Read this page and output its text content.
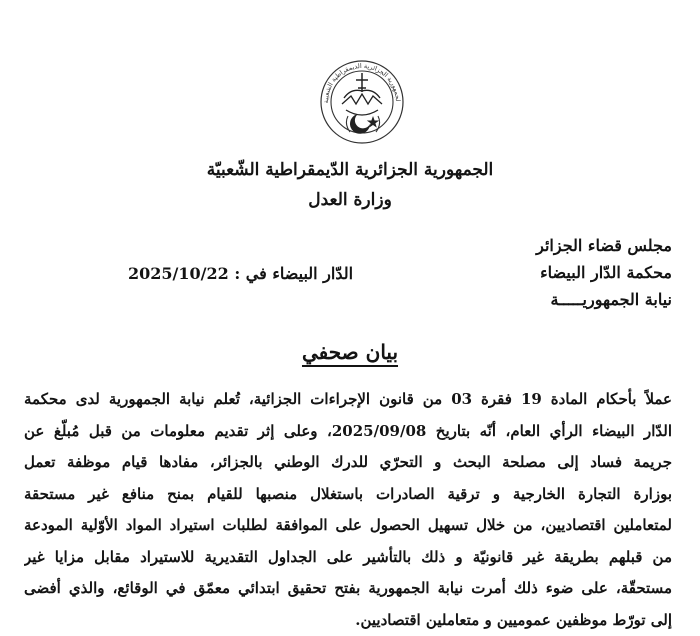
لجمهورية الجزائرية الديمقراطية الشعبية
الجمهورية الجزائرية الدّيمقراطية الشّعبيّة
وزارة العدل
مجلس قضاء الجزائر
محكمة الدّار البيضاء
نيابة الجمهوريـــــة
الدّار البيضاء في : 2025/10/22
بيان صحفي
عملاً بأحكام المادة 19 فقرة 03 من قانون الإجراءات الجزائية، تُعلم نيابة الجمهورية لدى محكمة
الدّار البيضاء الرأي العام، أنّه بتاريخ 2025/09/08، وعلى إثر تقديم معلومات من قبل مُبلّغ عن
جريمة فساد إلى مصلحة البحث و التحرّي للدرك الوطني بالجزائر، مفادها قيام موظفة تعمل
بوزارة التجارة الخارجية و ترقية الصادرات باستغلال منصبها للقيام بمنح منافع غير مستحقة
لمتعاملين اقتصاديين، من خلال تسهيل الحصول على الموافقة لطلبات استيراد المواد الأوّلية المودعة
من قبلهم بطريقة غير قانونيّة و ذلك بالتأشير على الجداول التقديرية للاستيراد مقابل مزايا غير
مستحقّة، على ضوء ذلك أمرت نيابة الجمهورية بفتح تحقيق ابتدائي معمّق في الوقائع، والذي أفضى
إلى تورّط موظفين عموميين و متعاملين اقتصاديين.
